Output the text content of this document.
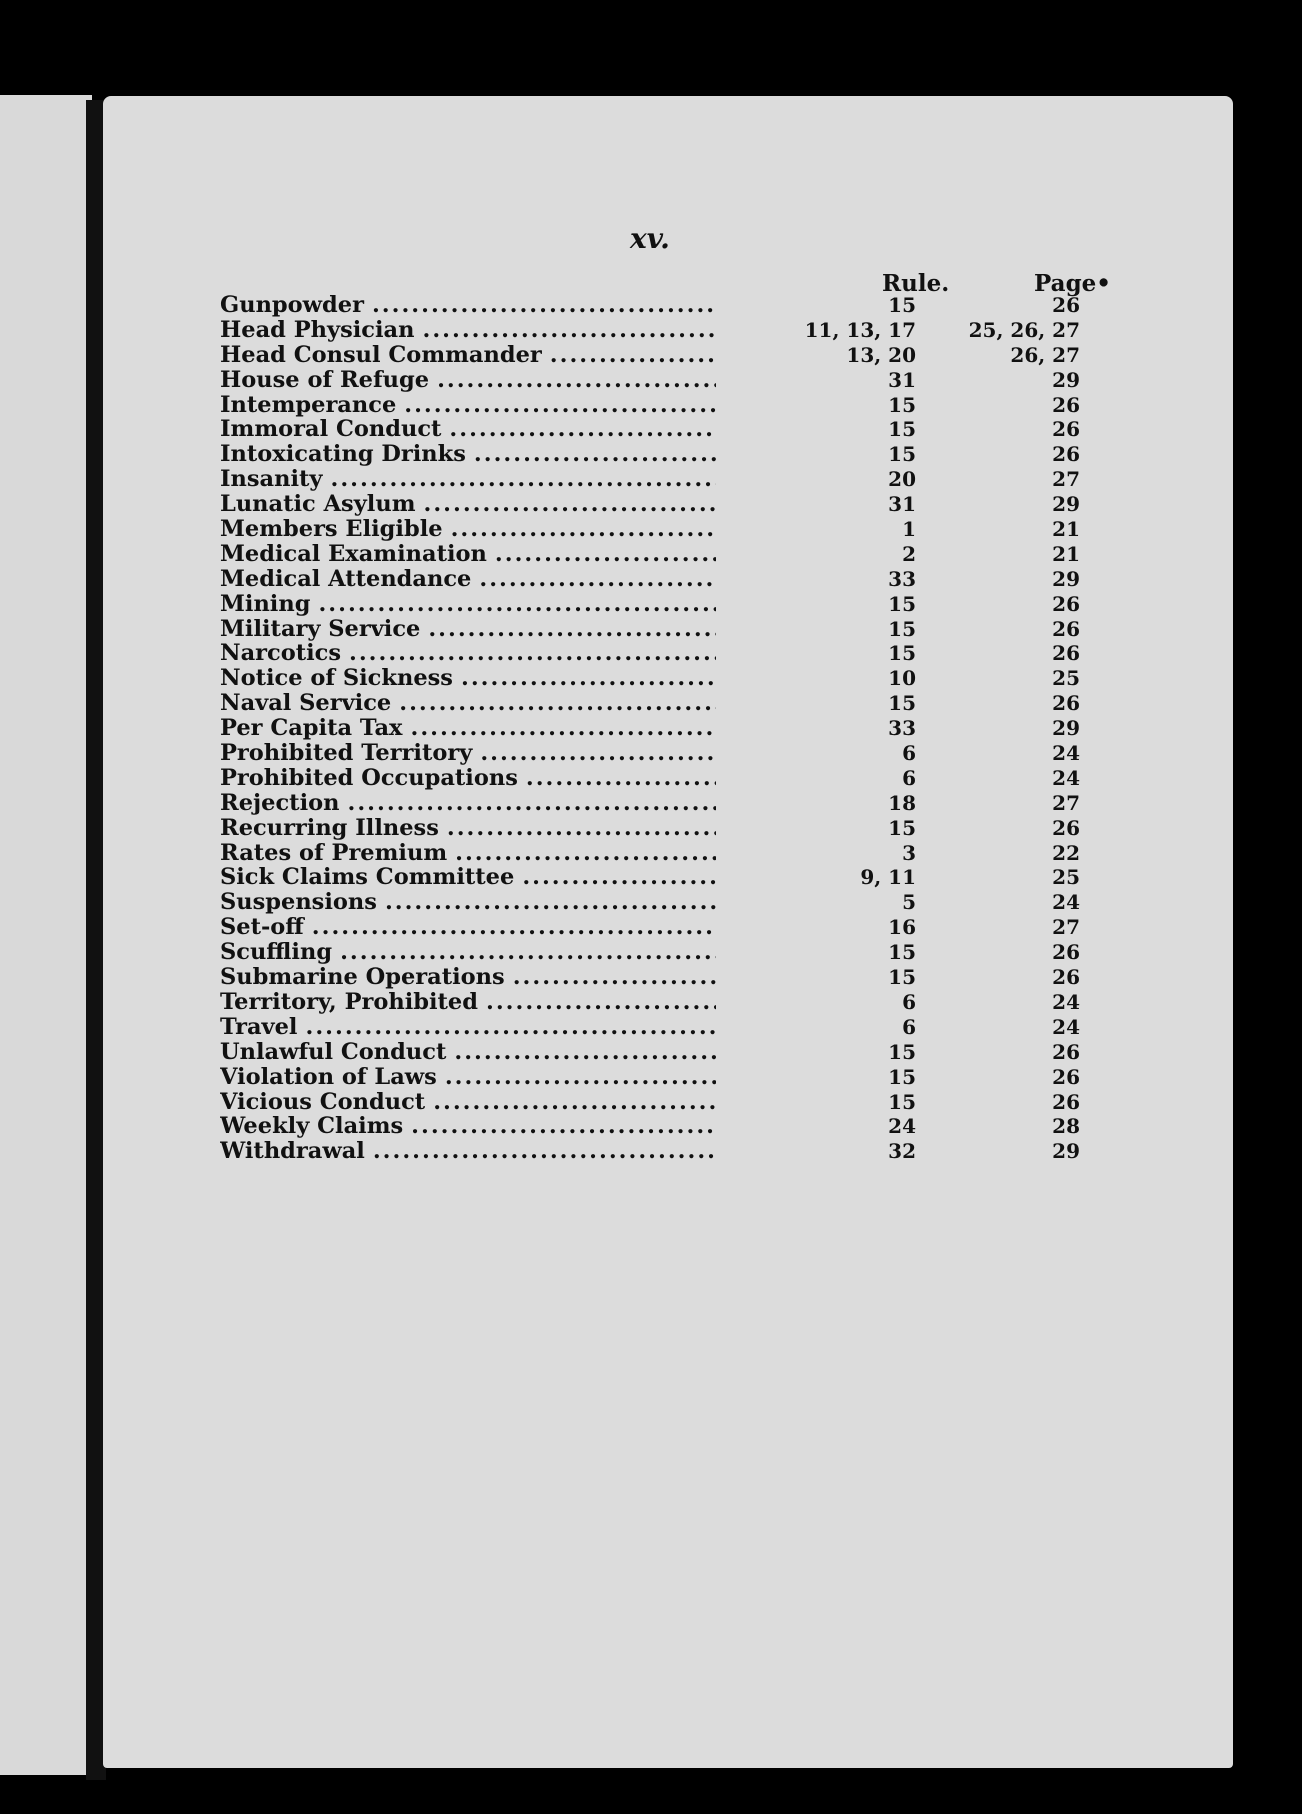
xv.
Rule.	Page•
Gunpowder .....	15	26
Head Physician .....	11, 13, 17	25, 26, 27
Head Consul Commander .....	13, 20	26, 27
House of Refuge .....	31	29
Intemperance .....	15	26
Immoral Conduct .....	15	26
Intoxicating Drinks .....	15	26
Insanity .....	20	27
Lunatic Asylum .....	31	29
Members Eligible .....	1	21
Medical Examination .....	2	21
Medical Attendance .....	33	29
Mining .....	15	26
Military Service .....	15	26
Narcotics .....	15	26
Notice of Sickness .....	10	25
Naval Service .....	15	26
Per Capita Tax .....	33	29
Prohibited Territory .....	6	24
Prohibited Occupations .....	6	24
Rejection .....	18	27
Recurring Illness .....	15	26
Rates of Premium .....	3	22
Sick Claims Committee .....	9, 11	25
Suspensions .....	5	24
Set-off .....	16	27
Scuffling .....	15	26
Submarine Operations .....	15	26
Territory, Prohibited .....	6	24
Travel .....	6	24
Unlawful Conduct .....	15	26
Violation of Laws .....	15	26
Vicious Conduct .....	15	26
Weekly Claims .....	24	28
Withdrawal .....	32	29
